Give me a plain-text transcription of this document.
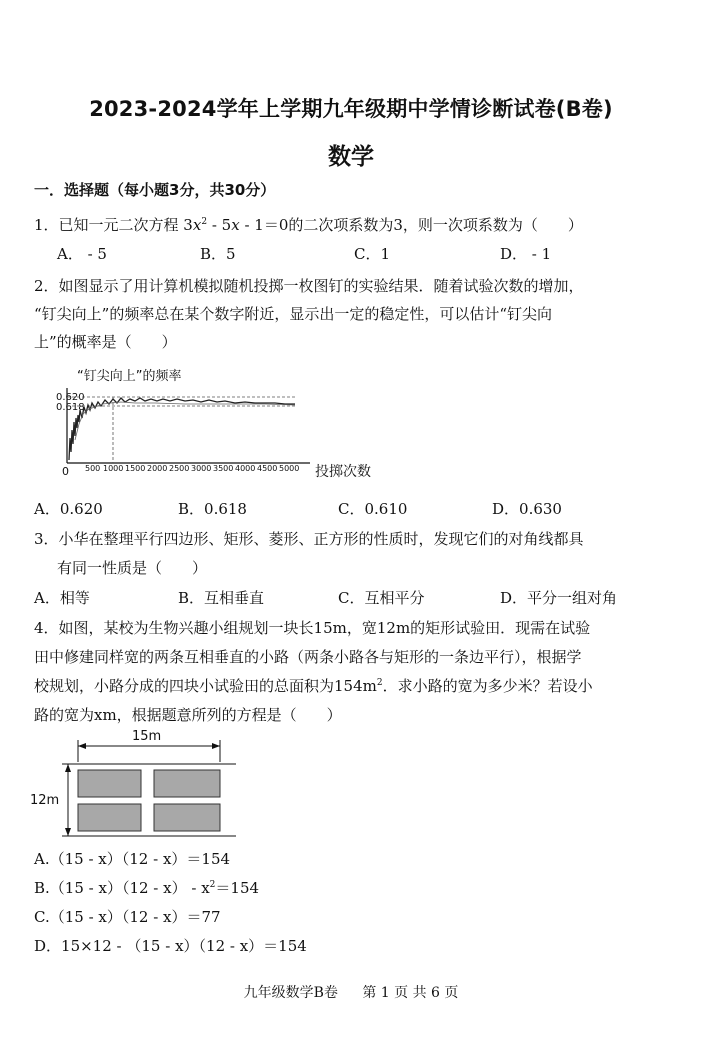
2023-2024学年上学期九年级期中学情诊断试卷(B卷)
数学
一．选择题（每小题3分，共30分）
1．已知一元二次方程 $3x^2 - 5x - 1=0$的二次项系数为3，则一次项系数为（　　）
A． - 5	B．5	C．1	D． - 1
2．如图显示了用计算机模拟随机投掷一枚图钉的实验结果．随着试验次数的增加，
“钉尖向上”的频率总在某个数字附近，显示出一定的稳定性，可以估计“钉尖向
上”的概率是（　　）
“钉尖向上”的频率
0.620
0.618
0 500 1000 1500 2000 2500 3000 3500 4000 4500 5000 投掷次数
A．0.620	B．0.618	C．0.610	D．0.630
3．小华在整理平行四边形、矩形、菱形、正方形的性质时，发现它们的对角线都具
有同一性质是（　　）
A．相等	B．互相垂直	C．互相平分	D．平分一组对角
4．如图，某校为生物兴趣小组规划一块长15m，宽12m的矩形试验田．现需在试验
田中修建同样宽的两条互相垂直的小路（两条小路各与矩形的一条边平行），根据学
校规划，小路分成的四块小试验田的总面积为$154m^2$．求小路的宽为多少米？若设小
路的宽为xm，根据题意所列的方程是（　　）
15m
12m
A.（15 - x）（12 - x）＝154
$B.(15 - x)(12 - x) - x^2=154$
C.（15 - x）（12 - x）＝77
D．15×12 - （15 - x）（12 - x）＝154
九年级数学B卷 第 1 页 共 6 页
